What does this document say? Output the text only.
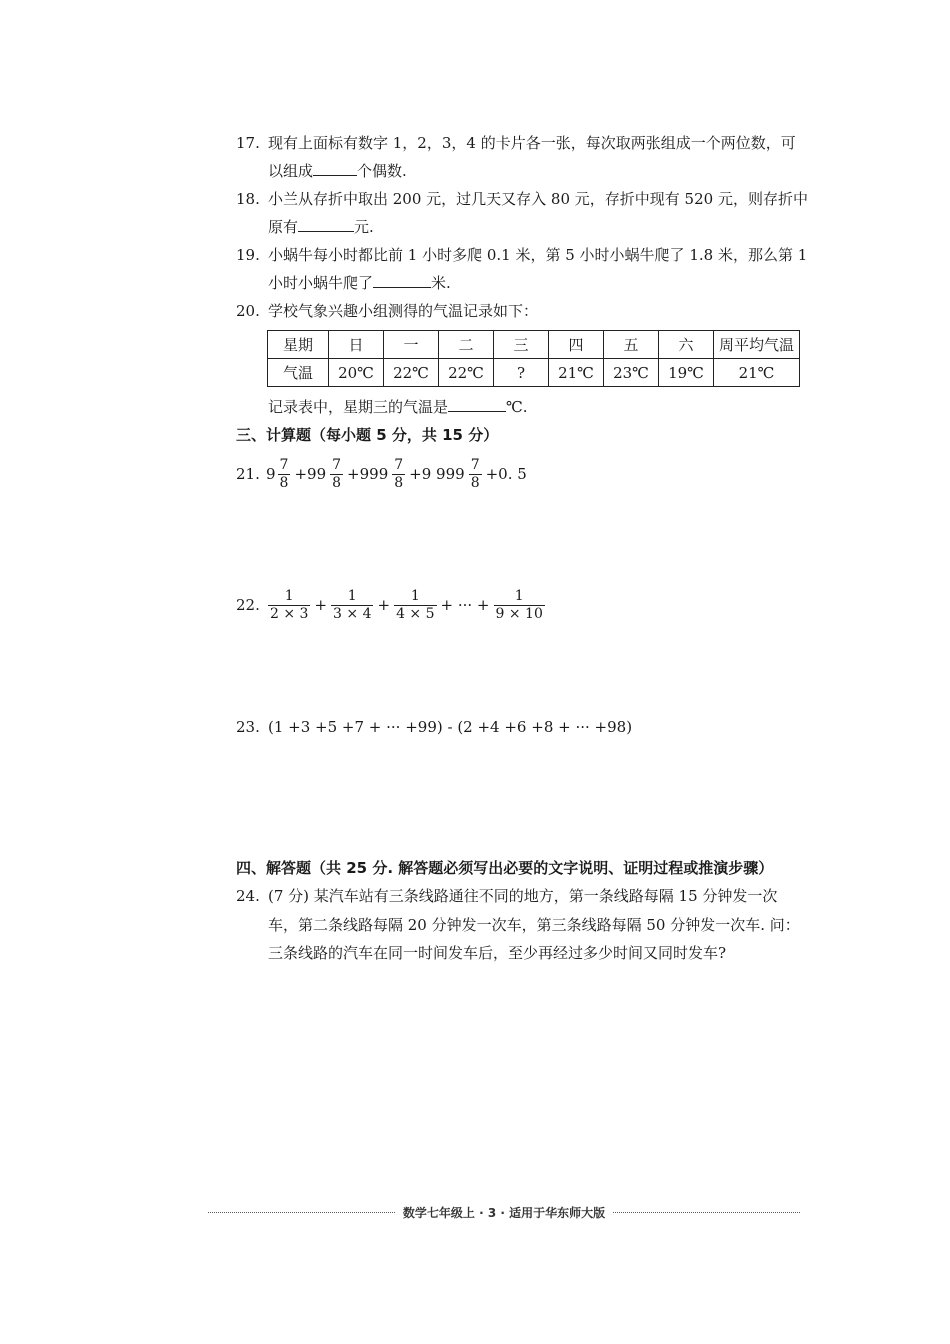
17. 现有上面标有数字 1，2，3，4 的卡片各一张，每次取两张组成一个两位数，可
以组成	个偶数.
18. 小兰从存折中取出 200 元，过几天又存入 80 元，存折中现有 520 元，则存折中
原有	元.
19. 小蜗牛每小时都比前 1 小时多爬 0.1 米，第 5 小时小蜗牛爬了 1.8 米，那么第 1
小时小蜗牛爬了	米.
20. 学校气象兴趣小组测得的气温记录如下：
星期	日	一	二	三	四	五	六	周平均气温
气温	20℃	22℃	22℃	?	21℃	23℃	19℃	21℃
记录表中，星期三的气温是	℃.
三、计算题（每小题 5 分，共 15 分）
21. $9 \frac{7}{8} +99 \frac{7}{8} +999 \frac{7}{8} +9$ $999 \frac{7}{8} +0$. 5
22. $\frac{1}{2 \times 3} + \frac{1}{3 \times 4} + \frac{1}{4 \times 5}$ + ··· + $\frac{1}{9 \times 10}$
23. (1 +3 +5 +7 + ··· +99) - (2 +4 +6 +8 + ··· +98)
四、解答题（共 25 分. 解答题必须写出必要的文字说明、证明过程或推演步骤）
24. (7 分) 某汽车站有三条线路通往不同的地方，第一条线路每隔 15 分钟发一次
车，第二条线路每隔 20 分钟发一次车，第三条线路每隔 50 分钟发一次车. 问：
三条线路的汽车在同一时间发车后，至少再经过多少时间又同时发车?
数学七年级上 · 3 · 适用于华东师大版
